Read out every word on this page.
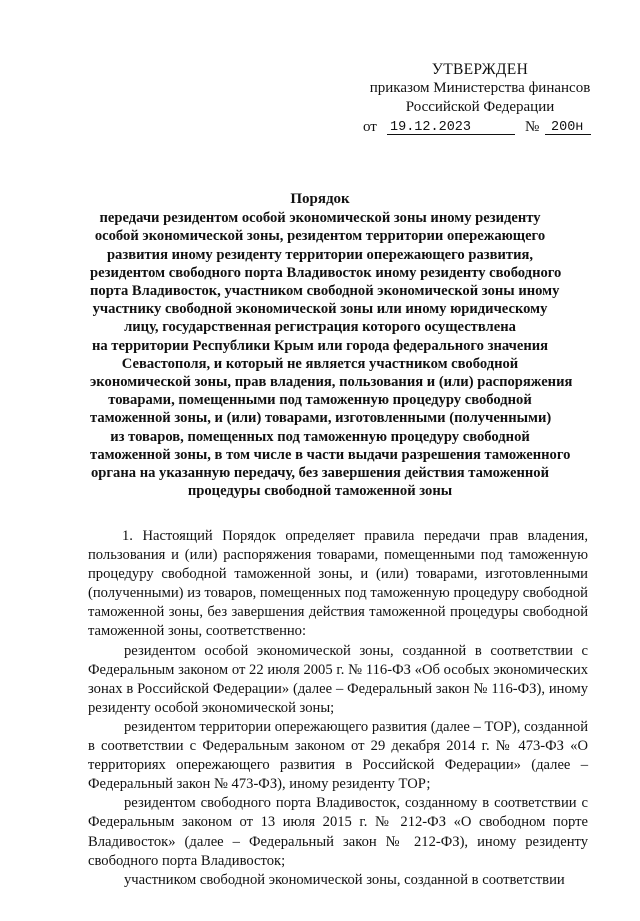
УТВЕРЖДЕН
приказом Министерства финансов
Российской Федерации
от 19.12.2023	№ 200н
Порядок
передачи резидентом особой экономической зоны иному резиденту
особой экономической зоны, резидентом территории опережающего
развития иному резиденту территории опережающего развития,
резидентом свободного порта Владивосток иному резиденту свободного
порта Владивосток, участником свободной экономической зоны иному
участнику свободной экономической зоны или иному юридическому
лицу, государственная регистрация которого осуществлена
на территории Республики Крым или города федерального значения
Севастополя, и который не является участником свободной
экономической зоны, прав владения, пользования и (или) распоряжения
товарами, помещенными под таможенную процедуру свободной
таможенной зоны, и (или) товарами, изготовленными (полученными)
из товаров, помещенных под таможенную процедуру свободной
таможенной зоны, в том числе в части выдачи разрешения таможенного
органа на указанную передачу, без завершения действия таможенной
процедуры свободной таможенной зоны

1. Настоящий Порядок определяет правила передачи прав владения, пользования и (или) распоряжения товарами, помещенными под таможенную процедуру свободной таможенной зоны, и (или) товарами, изготовленными (полученными) из товаров, помещенных под таможенную процедуру свободной таможенной зоны, без завершения действия таможенной процедуры свободной таможенной зоны, соответственно:

резидентом особой экономической зоны, созданной в соответствии с Федеральным законом от 22 июля 2005 г. № 116-ФЗ «Об особых экономических зонах в Российской Федерации» (далее – Федеральный закон № 116-ФЗ), иному резиденту особой экономической зоны;

резидентом территории опережающего развития (далее – ТОР), созданной в соответствии с Федеральным законом от 29 декабря 2014 г. № 473-ФЗ «О территориях опережающего развития в Российской Федерации» (далее – Федеральный закон № 473-ФЗ), иному резиденту ТОР;

резидентом свободного порта Владивосток, созданному в соответствии с Федеральным законом от 13 июля 2015 г. № 212-ФЗ «О свободном порте Владивосток» (далее – Федеральный закон № 212-ФЗ), иному резиденту свободного порта Владивосток;

участником свободной экономической зоны, созданной в соответствии
